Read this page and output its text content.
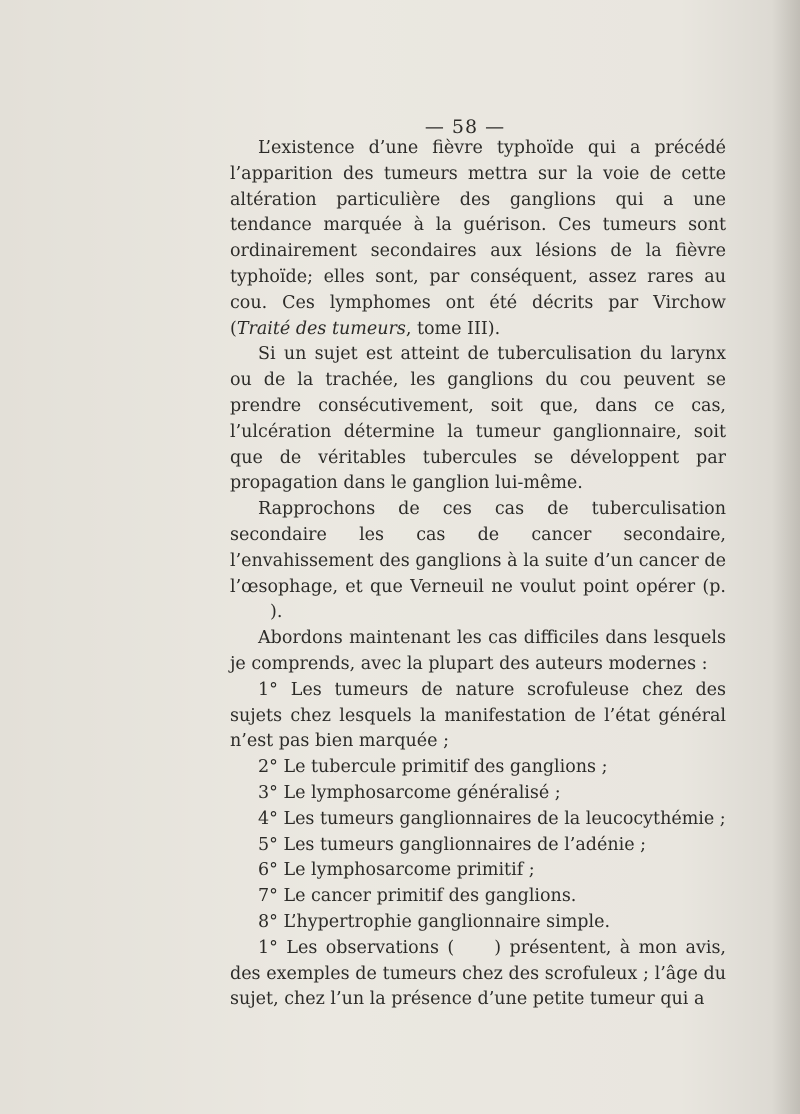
— 58 —

L’existence d’une fièvre typhoïde qui a précédé l’apparition des tumeurs mettra sur la voie de cette altération particulière des ganglions qui a une tendance marquée à la guérison. Ces tumeurs sont ordinairement secondaires aux lésions de la fièvre typhoïde; elles sont, par conséquent, assez rares au cou. Ces lymphomes ont été décrits par Virchow (Traité des tumeurs, tome III).

Si un sujet est atteint de tuberculisation du larynx ou de la trachée, les ganglions du cou peuvent se prendre consécutivement, soit que, dans ce cas, l’ulcération détermine la tumeur ganglionnaire, soit que de véritables tubercules se développent par propagation dans le ganglion lui-même.

Rapprochons de ces cas de tuberculisation secondaire les cas de cancer secondaire, l’envahissement des ganglions à la suite d’un cancer de l’œsophage, et que Verneuil ne voulut point opérer (p.).

Abordons maintenant les cas difficiles dans lesquels je comprends, avec la plupart des auteurs modernes :

1° Les tumeurs de nature scrofuleuse chez des sujets chez lesquels la manifestation de l’état général n’est pas bien marquée ;

2° Le tubercule primitif des ganglions ;

3° Le lymphosarcome généralisé ;

4° Les tumeurs ganglionnaires de la leucocythémie ;

5° Les tumeurs ganglionnaires de l’adénie ;

6° Le lymphosarcome primitif ;

7° Le cancer primitif des ganglions.

8° L’hypertrophie ganglionnaire simple.

1° Les observations ( ) présentent, à mon avis, des exemples de tumeurs chez des scrofuleux ; l’âge du sujet, chez l’un la présence d’une petite tumeur qui a
